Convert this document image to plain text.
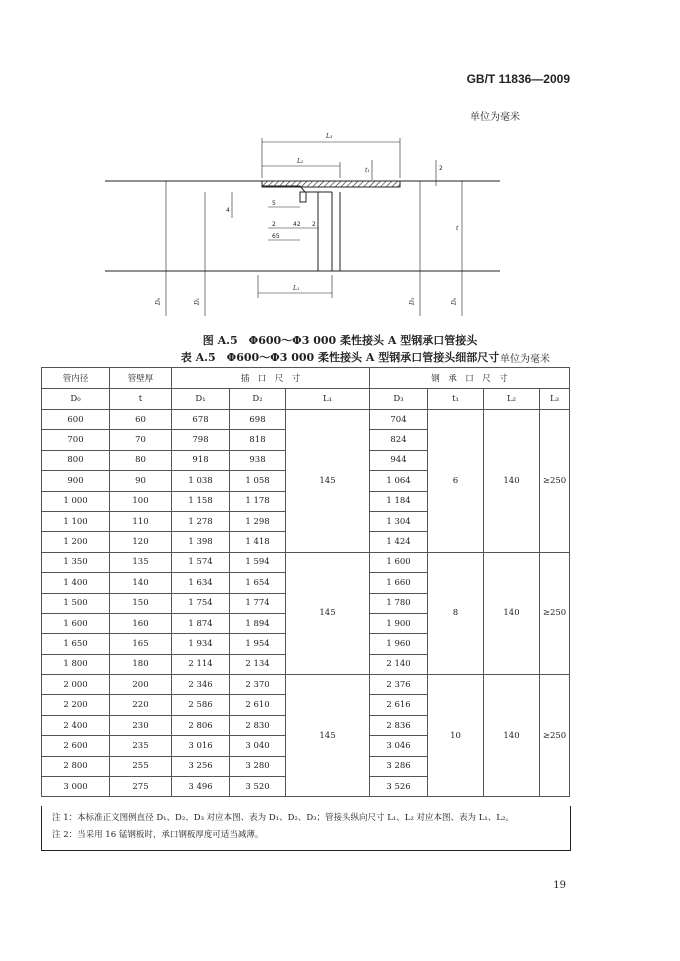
GB/T 11836—2009
单位为毫米
L₃
L₂
t₁	2
t
4
5
2	42 2
65
L₁
D₀	D₁	D₃	D₀
图 A.5　Φ600～Φ3 000 柔性接头 A 型钢承口管接头
表 A.5　Φ600～Φ3 000 柔性接头 A 型钢承口管接头细部尺寸 单位为毫米
管内径	管壁厚	插　口　尺　寸			钢　承　口　尺　寸			
D₀	t	D₁	D₂	L₁	D₃	t₁	L₂	L₃
600	60	678	698	145	704	6	140	≥250
700	70	798	818		824			
800	80	918	938		944			
900	90	1 038	1 058		1 064			
1 000	100	1 158	1 178		1 184			
1 100	110	1 278	1 298		1 304			
1 200	120	1 398	1 418		1 424			
1 350	135	1 574	1 594	145	1 600	8	140	≥250
1 400	140	1 634	1 654		1 660			
1 500	150	1 754	1 774		1 780			
1 600	160	1 874	1 894		1 900			
1 650	165	1 934	1 954		1 960			
1 800	180	2 114	2 134		2 140			
2 000	200	2 346	2 370	145	2 376	10	140	≥250
2 200	220	2 586	2 610		2 616			
2 400	230	2 806	2 830		2 836			
2 600	235	3 016	3 040		3 046			
2 800	255	3 256	3 280		3 286			
3 000	275	3 496	3 520		3 526			
注 1：本标准正文图例直径 D₁、D₂、D₃ 对应本图、表为 D₁、D₂、D₃；管接头纵向尺寸 L₁、L₂ 对应本图、表为 L₁、L₂。
注 2：当采用 16 锰钢板时，承口钢板厚度可适当减薄。
19
